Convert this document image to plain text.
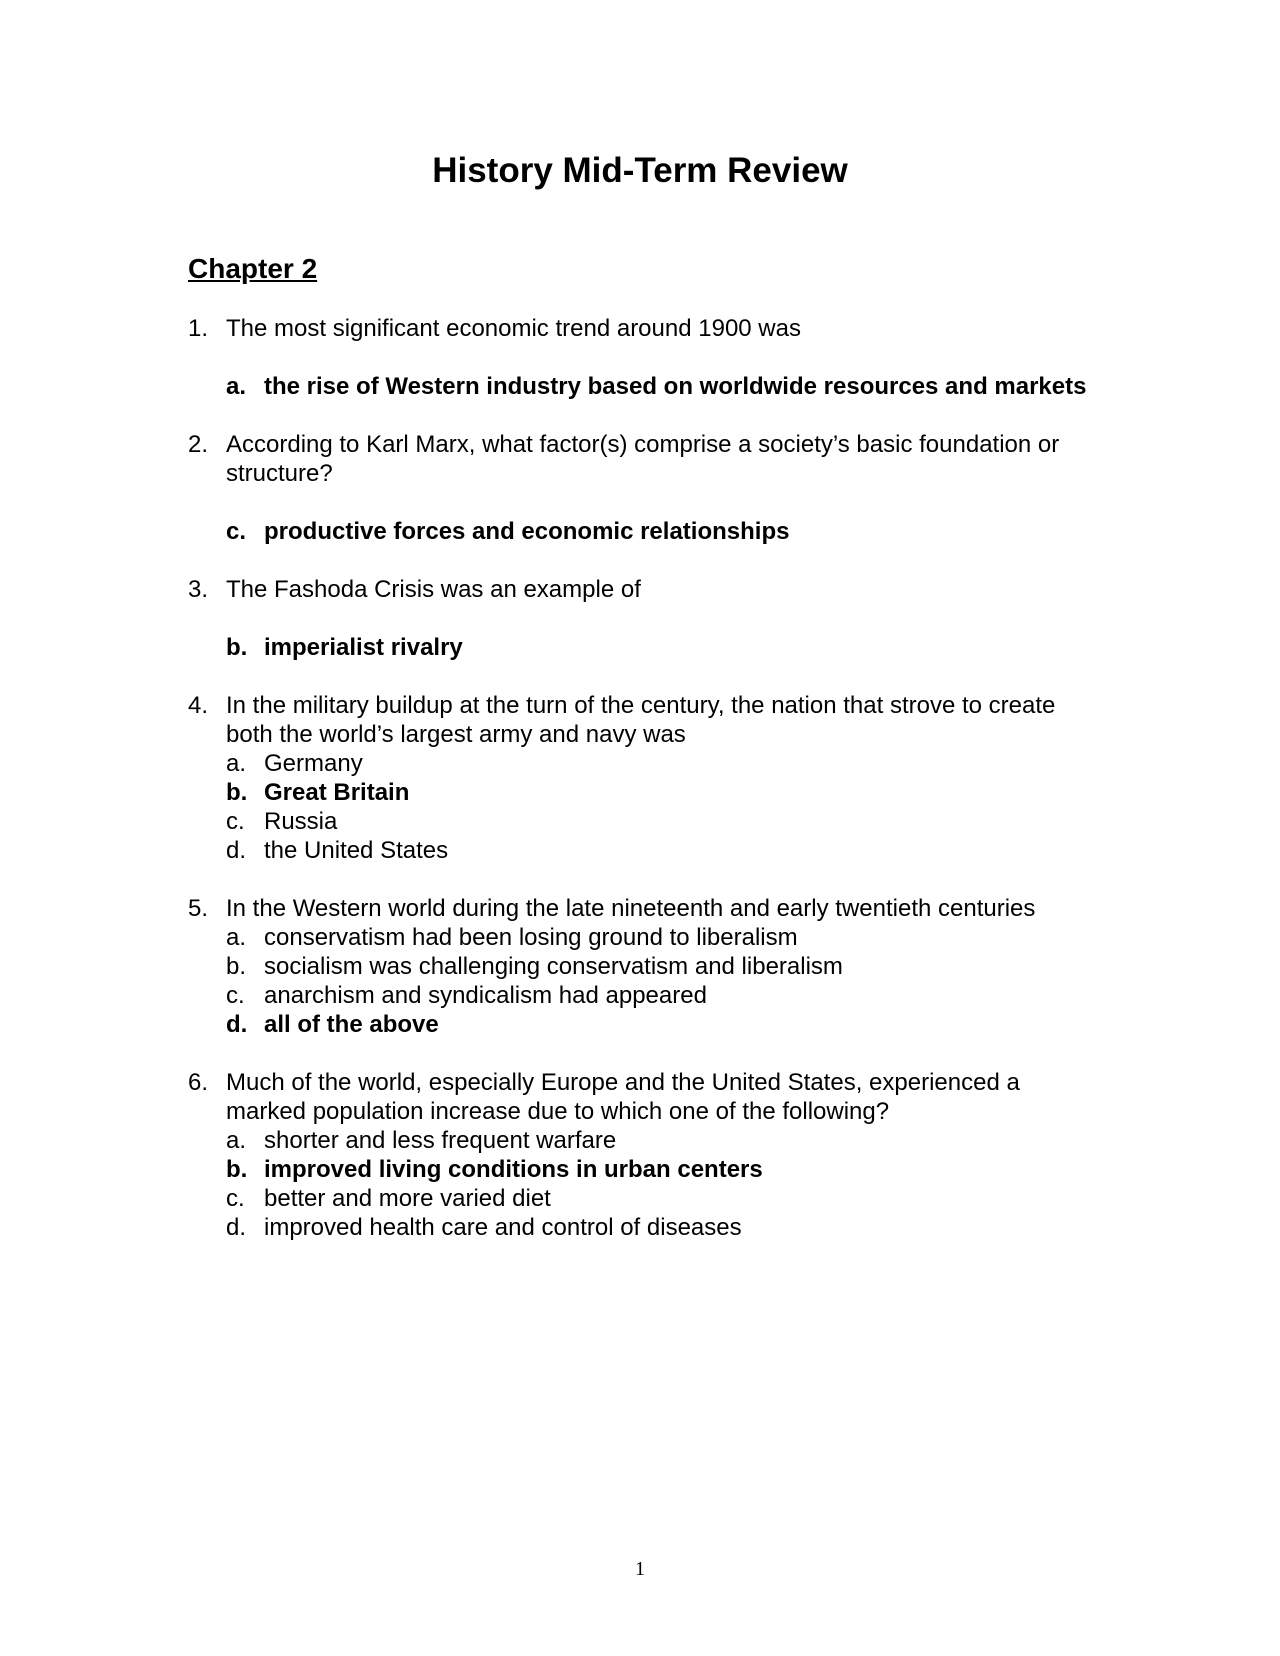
History Mid-Term Review
Chapter 2
1. The most significant economic trend around 1900 was
a. the rise of Western industry based on worldwide resources and markets
2. According to Karl Marx, what factor(s) comprise a society’s basic foundation or structure?
c. productive forces and economic relationships
3. The Fashoda Crisis was an example of
b. imperialist rivalry
4. In the military buildup at the turn of the century, the nation that strove to create both the world’s largest army and navy was
a. Germany
b. Great Britain
c. Russia
d. the United States
5. In the Western world during the late nineteenth and early twentieth centuries
a. conservatism had been losing ground to liberalism
b. socialism was challenging conservatism and liberalism
c. anarchism and syndicalism had appeared
d. all of the above
6. Much of the world, especially Europe and the United States, experienced a marked population increase due to which one of the following?
a. shorter and less frequent warfare
b. improved living conditions in urban centers
c. better and more varied diet
d. improved health care and control of diseases
1
